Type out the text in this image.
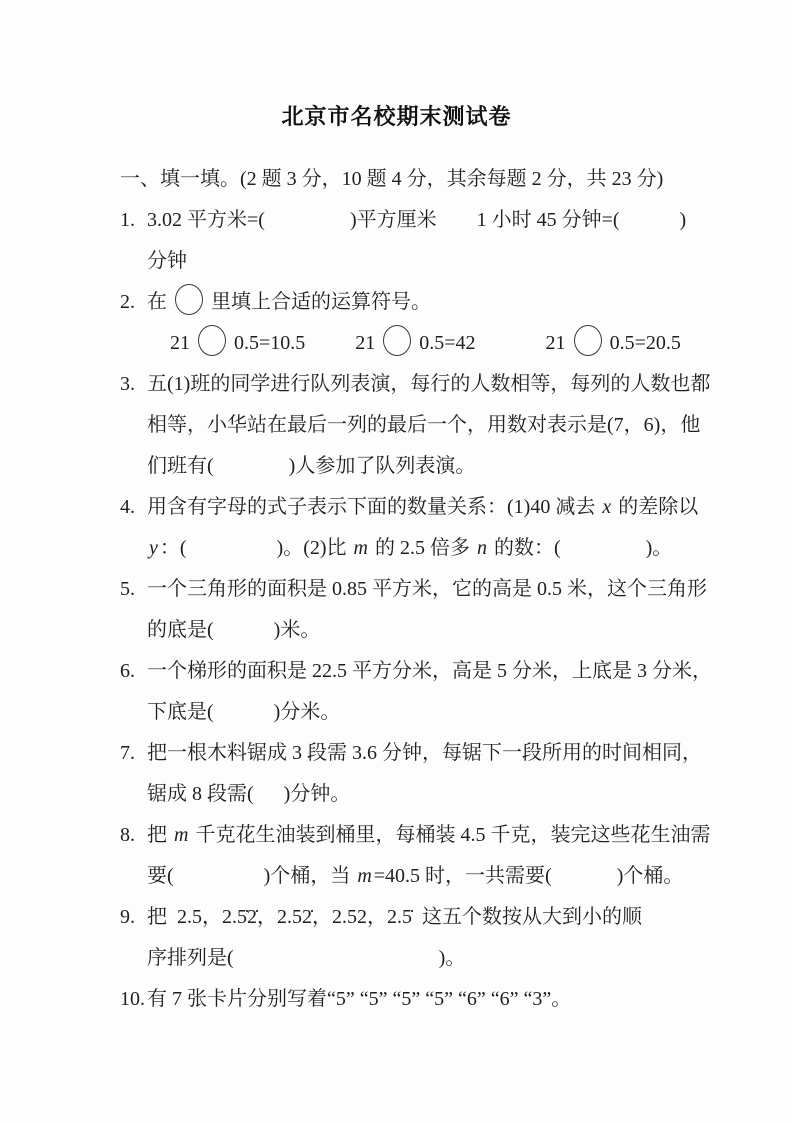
北京市名校期末测试卷
一、填一填。(2 题 3 分，10 题 4 分，其余每题 2 分，共 23 分)
1. 3.02 平方米=(                 )平方厘米        1 小时 45 分钟=(            )
分钟
2. 在 里填上合适的运算符号。
21 0.5=10.5          21 0.5=42              21 0.5=20.5
3. 五(1)班的同学进行队列表演，每行的人数相等，每列的人数也都
相等，小华站在最后一列的最后一个，用数对表示是(7，6)，他
们班有(               )人参加了队列表演。
4. 用含有字母的式子表示下面的数量关系：(1)40 减去 x 的差除以
y ：(                  )。(2)比 m 的 2.5 倍多 n 的数：(                 )。
5. 一个三角形的面积是 0.85 平方米，它的高是 0.5 米，这个三角形
的底是(            )米。
6. 一个梯形的面积是 22.5 平方分米，高是 5 分米，上底是 3 分米，
下底是(            )分米。
7. 把一根木料锯成 3 段需 3.6 分钟，每锯下一段所用的时间相同，
锯成 8 段需(      )分钟。
8. 把 m 千克花生油装到桶里，每桶装 4.5 千克，装完这些花生油需
要(                  )个桶，当 m =40.5 时，一共需要(             )个桶。
9. 把  2.5，2.5̇2̇，2.52̇，2.52，2.5̇  这五个数按从大到小的顺
序排列是(                                         )。
10. 有 7 张卡片分别写着“5” “5” “5” “5” “6” “6” “3”。
